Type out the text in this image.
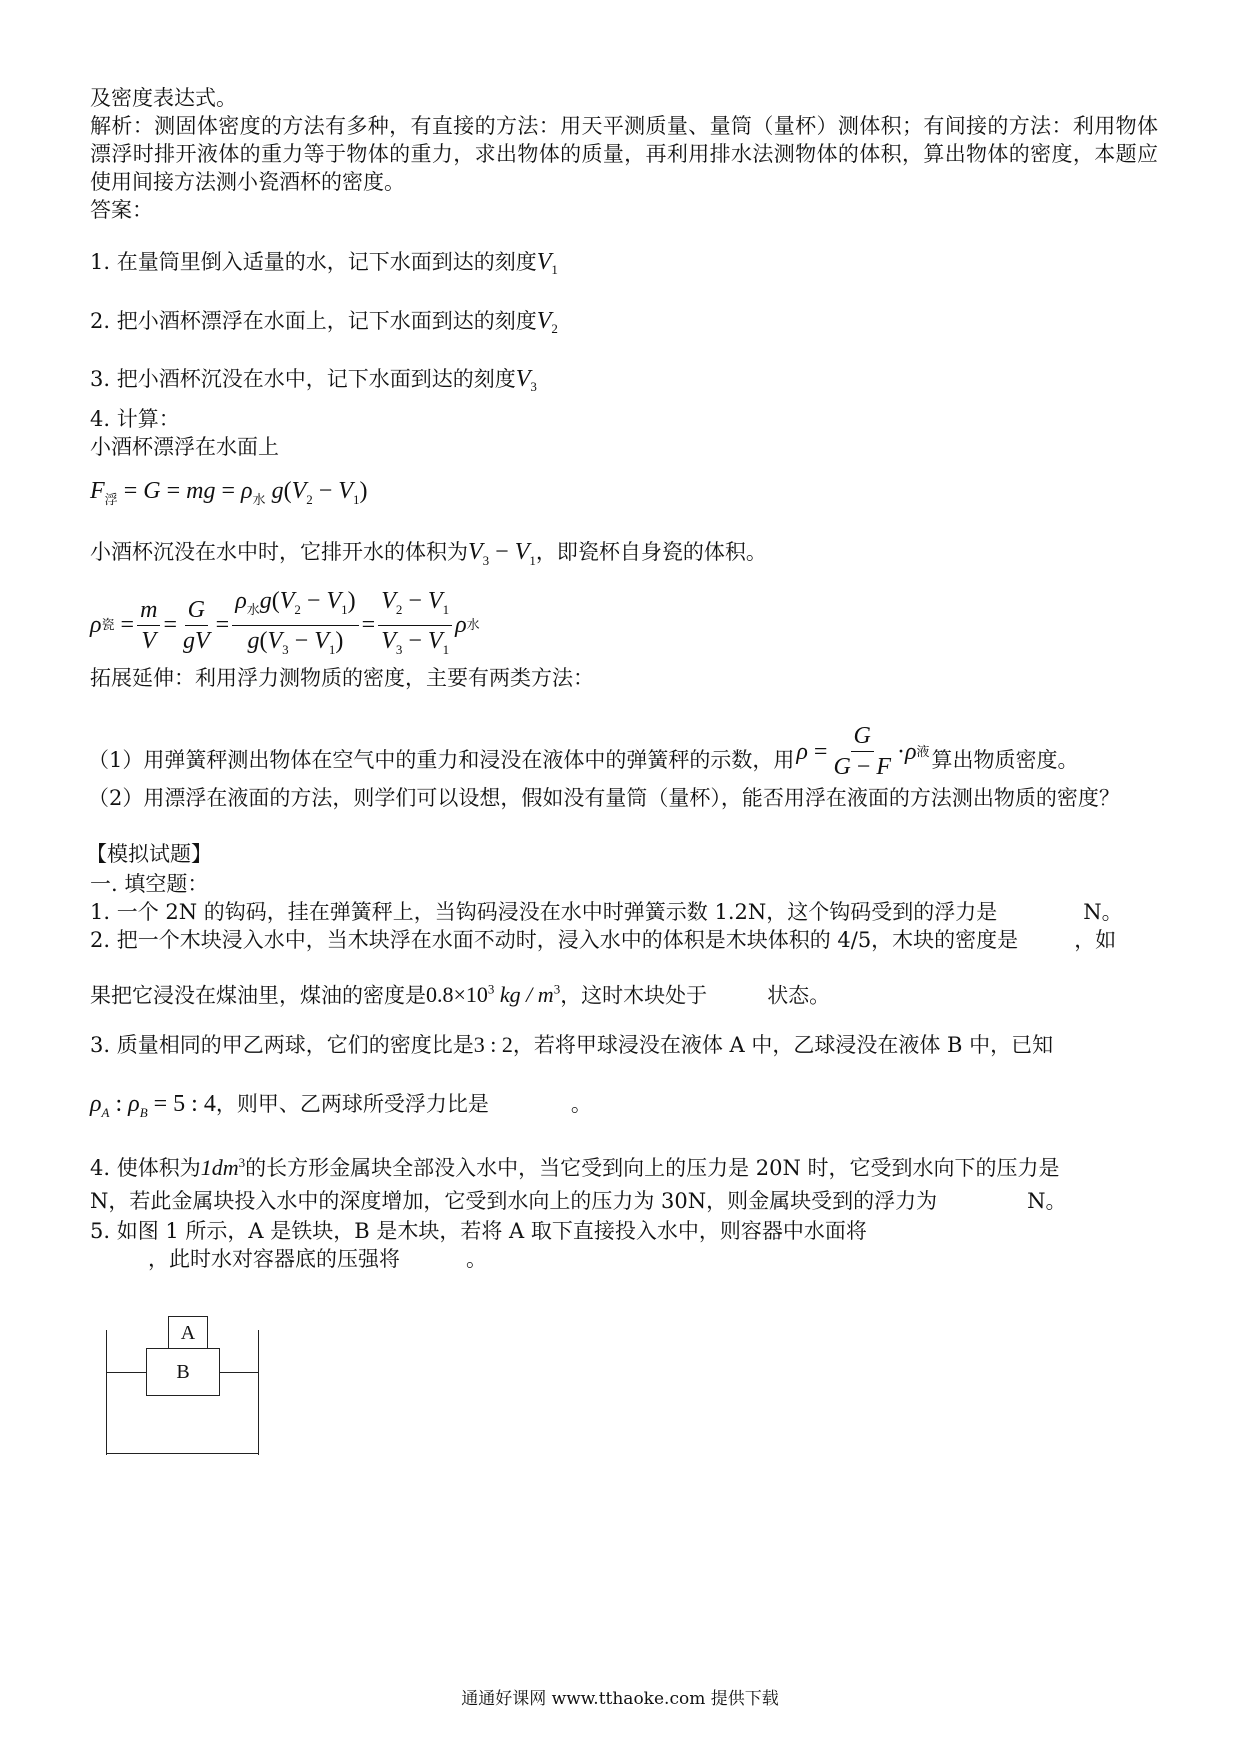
及密度表达式。
解析：测固体密度的方法有多种，有直接的方法：用天平测质量、量筒（量杯）测体积；有间接的方法：利用物体漂浮时排开液体的重力等于物体的重力，求出物体的质量，再利用排水法测物体的体积，算出物体的密度，本题应使用间接方法测小瓷酒杯的密度。
答案：
1. 在量筒里倒入适量的水，记下水面到达的刻度$V_1$
2. 把小酒杯漂浮在水面上，记下水面到达的刻度$V_2$
3. 把小酒杯沉没在水中，记下水面到达的刻度$V_3$
4. 计算：
小酒杯漂浮在水面上
$F_浮 = G$ = mg = $\rho_水$ $g(V_2 - V_1)$
小酒杯沉没在水中时，它排开水的体积为$V_3 - V_1$，即瓷杯自身瓷的体积。
ρ 瓷 = $\frac{m}{V} = \frac{G}{gV} = \frac{\rho_水g(V_2 - V_1)}{g(V_3 - V_1)} = \frac{V_2 - V_1}{V_3 - V_1}$ ρ 水
拓展延伸：利用浮力测物质的密度，主要有两类方法：
（1）用弹簧秤测出物体在空气中的重力和浸没在液体中的弹簧秤的示数，用 $\rho = \frac{G}{G - F} \cdot \rho$ 液 算出物质密度。
（2）用漂浮在液面的方法，则学们可以设想，假如没有量筒（量杯），能否用浮在液面的方法测出物质的密度？
【模拟试题】
一. 填空题：
1. 一个 2N 的钩码，挂在弹簧秤上，当钩码浸没在水中时弹簧示数 1.2N，这个钩码受到的浮力是	N。
2. 把一个木块浸入水中，当木块浮在水面不动时，浸入水中的体积是木块体积的 4/5，木块的密度是	，如
果把它浸没在煤油里，煤油的密度是$0.8\times 10^3$ kg / $m^3$，这时木块处于	状态。
3. 质量相同的甲乙两球，它们的密度比是3 : 2，若将甲球浸没在液体 A 中，乙球浸没在液体 B 中，已知
$\rho_A$ : $\rho_B = 5$ : 4，则甲、乙两球所受浮力比是	。
4. 使体积为$1dm^3$的长方形金属块全部没入水中，当它受到向上的压力是 20N 时，它受到水向下的压力是
N，若此金属块投入水中的深度增加，它受到水向上的压力为 30N，则金属块受到的浮力为	N。
5. 如图 1 所示，A 是铁块，B 是木块，若将 A 取下直接投入水中，则容器中水面将
，此时水对容器底的压强将	。
A
B
通通好课网 www.tthaoke.com 提供下载
